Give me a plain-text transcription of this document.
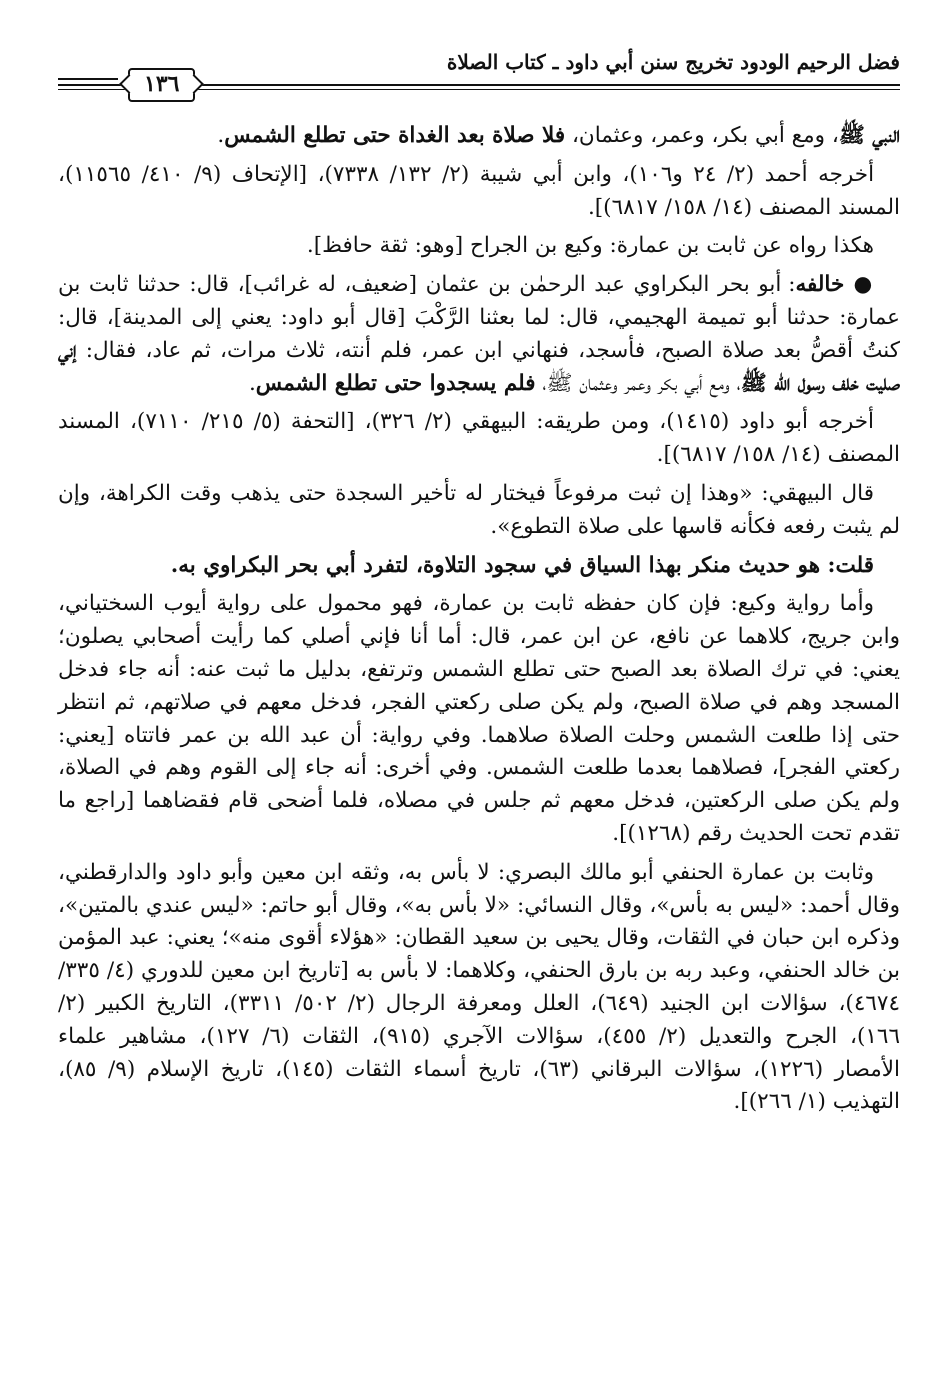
فضل الرحيم الودود تخريج سنن أبي داود ـ كتاب الصلاة
١٣٦

النبي ﷺ، ومع أبي بكر، وعمر، وعثمان، فلا صلاة بعد الغداة حتى تطلع الشمس.

أخرجه أحمد (٢/ ٢٤ و١٠٦)، وابن أبي شيبة (٢/ ١٣٢/ ٧٣٣٨)، [الإتحاف (٩/ ٤١٠/ ١١٥٦٥)، المسند المصنف (١٤/ ١٥٨/ ٦٨١٧)].

هكذا رواه عن ثابت بن عمارة: وكيع بن الجراح [وهو: ثقة حافظ].

● خالفه: أبو بحر البكراوي عبد الرحمٰن بن عثمان [ضعيف، له غرائب]، قال: حدثنا ثابت بن عمارة: حدثنا أبو تميمة الهجيمي، قال: لما بعثنا الرَّكْبَ [قال أبو داود: يعني إلى المدينة]، قال: كنتُ أقصُّ بعد صلاة الصبح، فأسجد، فنهاني ابن عمر، فلم أنته، ثلاث مرات، ثم عاد، فقال: إني صليت خلف رسول الله ﷺ، ومع أبي بكر وعمر وعثمان ﷺ، فلم يسجدوا حتى تطلع الشمس.

أخرجه أبو داود (١٤١٥)، ومن طريقه: البيهقي (٢/ ٣٢٦)، [التحفة (٥/ ٢١٥/ ٧١١٠)، المسند المصنف (١٤/ ١٥٨/ ٦٨١٧)].

قال البيهقي: «وهذا إن ثبت مرفوعاً فيختار له تأخير السجدة حتى يذهب وقت الكراهة، وإن لم يثبت رفعه فكأنه قاسها على صلاة التطوع».

قلت: هو حديث منكر بهذا السياق في سجود التلاوة، لتفرد أبي بحر البكراوي به.

وأما رواية وكيع: فإن كان حفظه ثابت بن عمارة، فهو محمول على رواية أيوب السختياني، وابن جريج، كلاهما عن نافع، عن ابن عمر، قال: أما أنا فإني أصلي كما رأيت أصحابي يصلون؛ يعني: في ترك الصلاة بعد الصبح حتى تطلع الشمس وترتفع، بدليل ما ثبت عنه: أنه جاء فدخل المسجد وهم في صلاة الصبح، ولم يكن صلى ركعتي الفجر، فدخل معهم في صلاتهم، ثم انتظر حتى إذا طلعت الشمس وحلت الصلاة صلاهما. وفي رواية: أن عبد الله بن عمر فاتتاه [يعني: ركعتي الفجر]، فصلاهما بعدما طلعت الشمس. وفي أخرى: أنه جاء إلى القوم وهم في الصلاة، ولم يكن صلى الركعتين، فدخل معهم ثم جلس في مصلاه، فلما أضحى قام فقضاهما [راجع ما تقدم تحت الحديث رقم (١٢٦٨)].

وثابت بن عمارة الحنفي أبو مالك البصري: لا بأس به، وثقه ابن معين وأبو داود والدارقطني، وقال أحمد: «ليس به بأس»، وقال النسائي: «لا بأس به»، وقال أبو حاتم: «ليس عندي بالمتين»، وذكره ابن حبان في الثقات، وقال يحيى بن سعيد القطان: «هؤلاء أقوى منه»؛ يعني: عبد المؤمن بن خالد الحنفي، وعبد ربه بن بارق الحنفي، وكلاهما: لا بأس به [تاريخ ابن معين للدوري (٤/ ٣٣٥/ ٤٦٧٤)، سؤالات ابن الجنيد (٦٤٩)، العلل ومعرفة الرجال (٢/ ٥٠٢/ ٣٣١١)، التاريخ الكبير (٢/ ١٦٦)، الجرح والتعديل (٢/ ٤٥٥)، سؤالات الآجري (٩١٥)، الثقات (٦/ ١٢٧)، مشاهير علماء الأمصار (١٢٢٦)، سؤالات البرقاني (٦٣)، تاريخ أسماء الثقات (١٤٥)، تاريخ الإسلام (٩/ ٨٥)، التهذيب (١/ ٢٦٦)].
